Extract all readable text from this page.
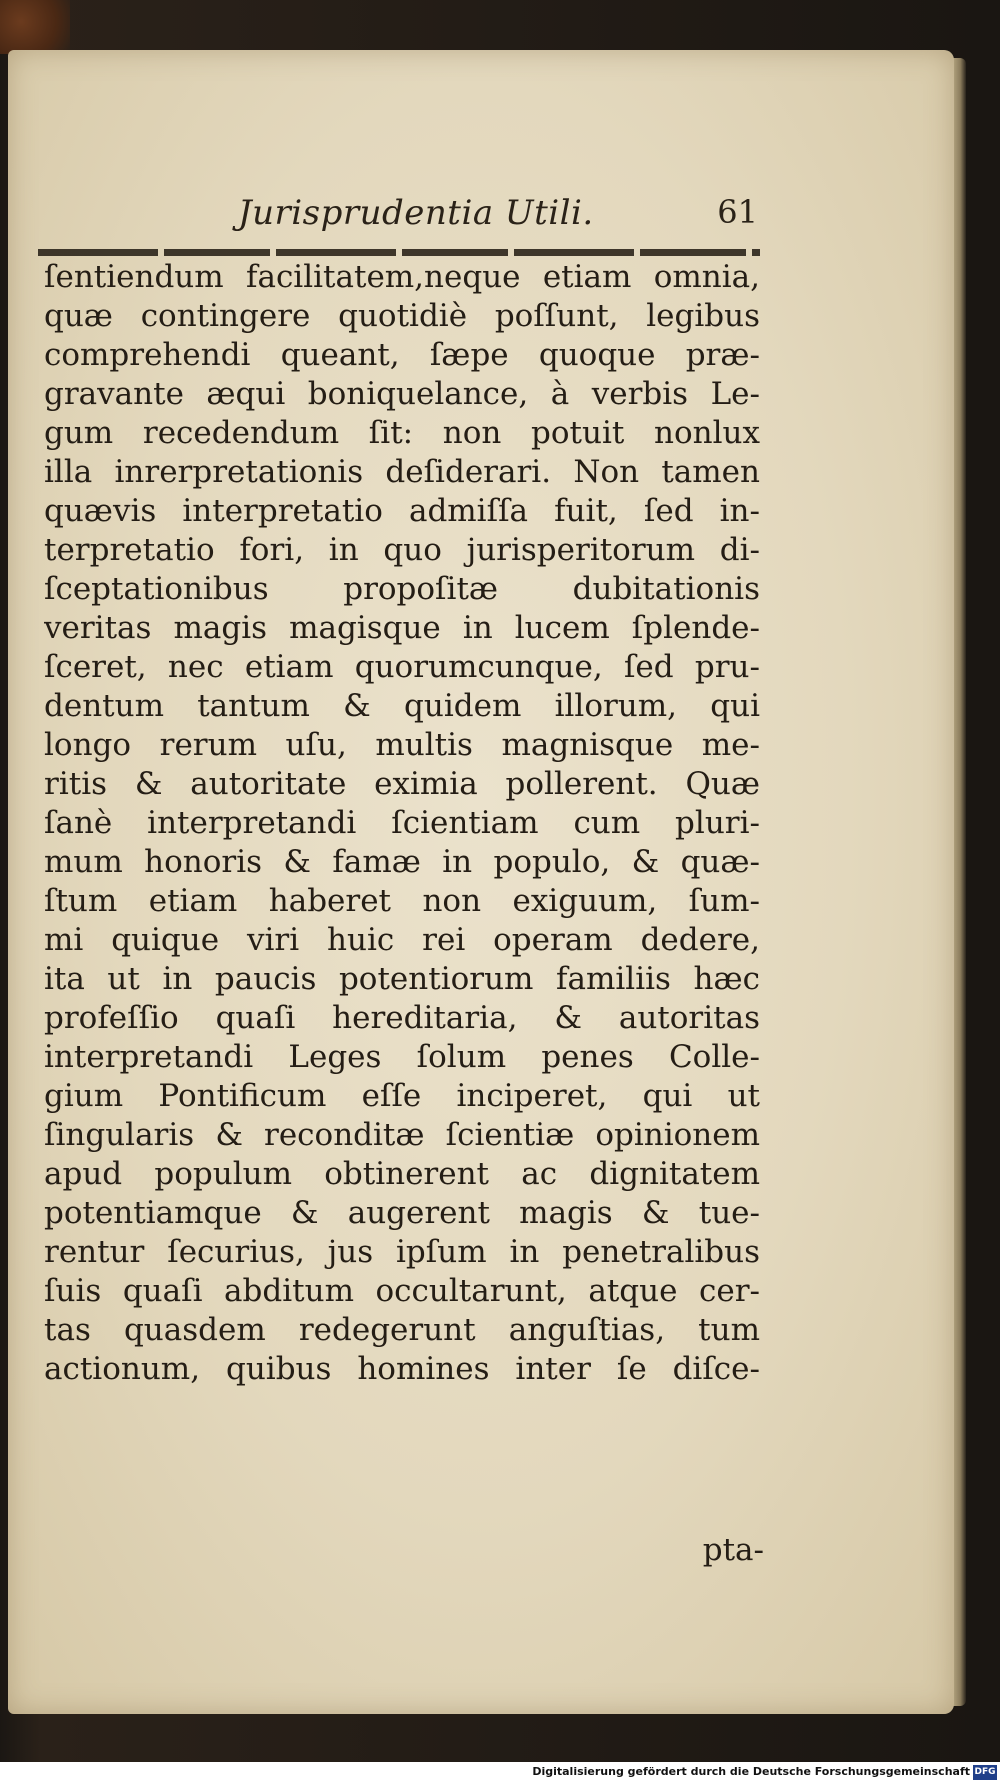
Jurisprudentia Utili.	61
ſentiendum facilitatem,neque etiam omnia,
quæ contingere quotidiè poſſunt, legibus
comprehendi queant, ſæpe quoque præ-
gravante æqui boniquelance, à verbis Le-
gum recedendum ſit: non potuit nonlux
illa inrerpretationis deſiderari. Non tamen
quævis interpretatio admiſſa fuit, ſed in-
terpretatio fori, in quo jurisperitorum di-
ſceptationibus propoſitæ dubitationis
veritas magis magisque in lucem ſplende-
ſceret, nec etiam quorumcunque, ſed pru-
dentum tantum & quidem illorum, qui
longo rerum uſu, multis magnisque me-
ritis & autoritate eximia pollerent. Quæ
ſanè interpretandi ſcientiam cum pluri-
mum honoris & famæ in populo, & quæ-
ſtum etiam haberet non exiguum, ſum-
mi quique viri huic rei operam dedere,
ita ut in paucis potentiorum familiis hæc
profeſſio quaſi hereditaria, & autoritas
interpretandi Leges ſolum penes Colle-
gium Pontificum eſſe inciperet, qui ut
ſingularis & reconditæ ſcientiæ opinionem
apud populum obtinerent ac dignitatem
potentiamque & augerent magis & tue-
rentur ſecurius, jus ipſum in penetralibus
ſuis quaſi abditum occultarunt, atque cer-
tas quasdem redegerunt anguſtias, tum
actionum, quibus homines inter ſe diſce-
pta-
Digitalisierung gefördert durch die Deutsche Forschungsgemeinschaft DFG
